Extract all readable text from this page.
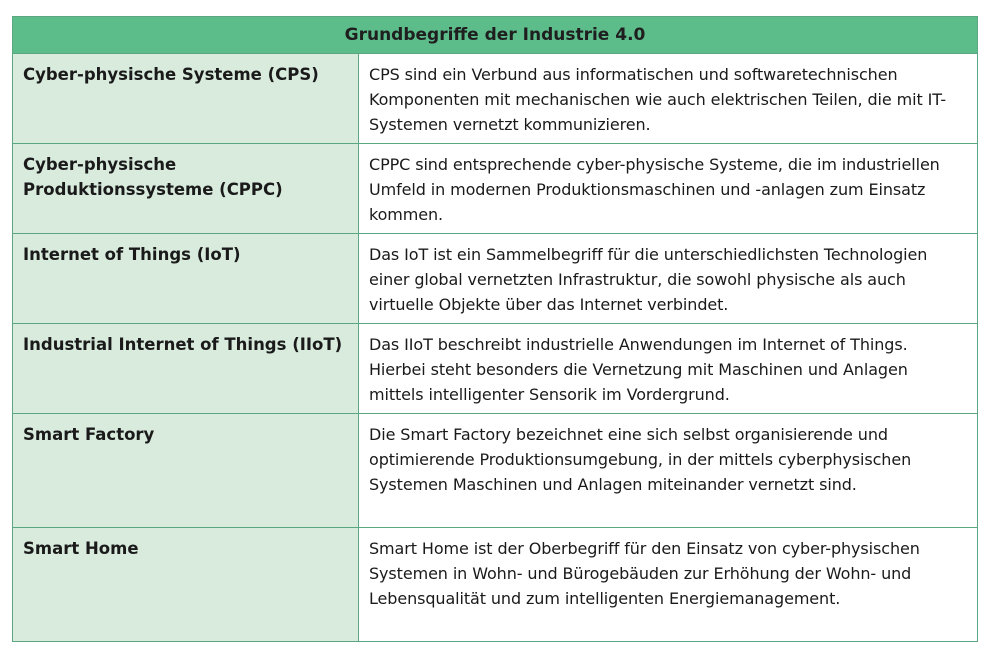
Grundbegriffe der Industrie 4.0	
Cyber-physische Systeme (CPS)	CPS sind ein Verbund aus informatischen und softwaretechnischen Komponenten mit mechanischen wie auch elektrischen Teilen, die mit IT-Systemen vernetzt kommunizieren.
Cyber-physische Produktionssysteme (CPPC)	CPPC sind entsprechende cyber-physische Systeme, die im industriellen Umfeld in modernen Produktionsmaschinen und -anlagen zum Einsatz kommen.
Internet of Things (IoT)	Das IoT ist ein Sammelbegriff für die unterschiedlichsten Technologien einer global vernetzten Infrastruktur, die sowohl physische als auch virtuelle Objekte über das Internet verbindet.
Industrial Internet of Things (IIoT)	Das IIoT beschreibt industrielle Anwendungen im Internet of Things. Hierbei steht besonders die Vernetzung mit Maschinen und Anlagen mittels intelligenter Sensorik im Vordergrund.
Smart Factory	Die Smart Factory bezeichnet eine sich selbst organisierende und optimierende Produktionsumgebung, in der mittels cyberphysischen Systemen Maschinen und Anlagen miteinander vernetzt sind.
Smart Home	Smart Home ist der Oberbegriff für den Einsatz von cyber-physischen Systemen in Wohn- und Bürogebäuden zur Erhöhung der Wohn- und Lebensqualität und zum intelligenten Energiemanagement.
